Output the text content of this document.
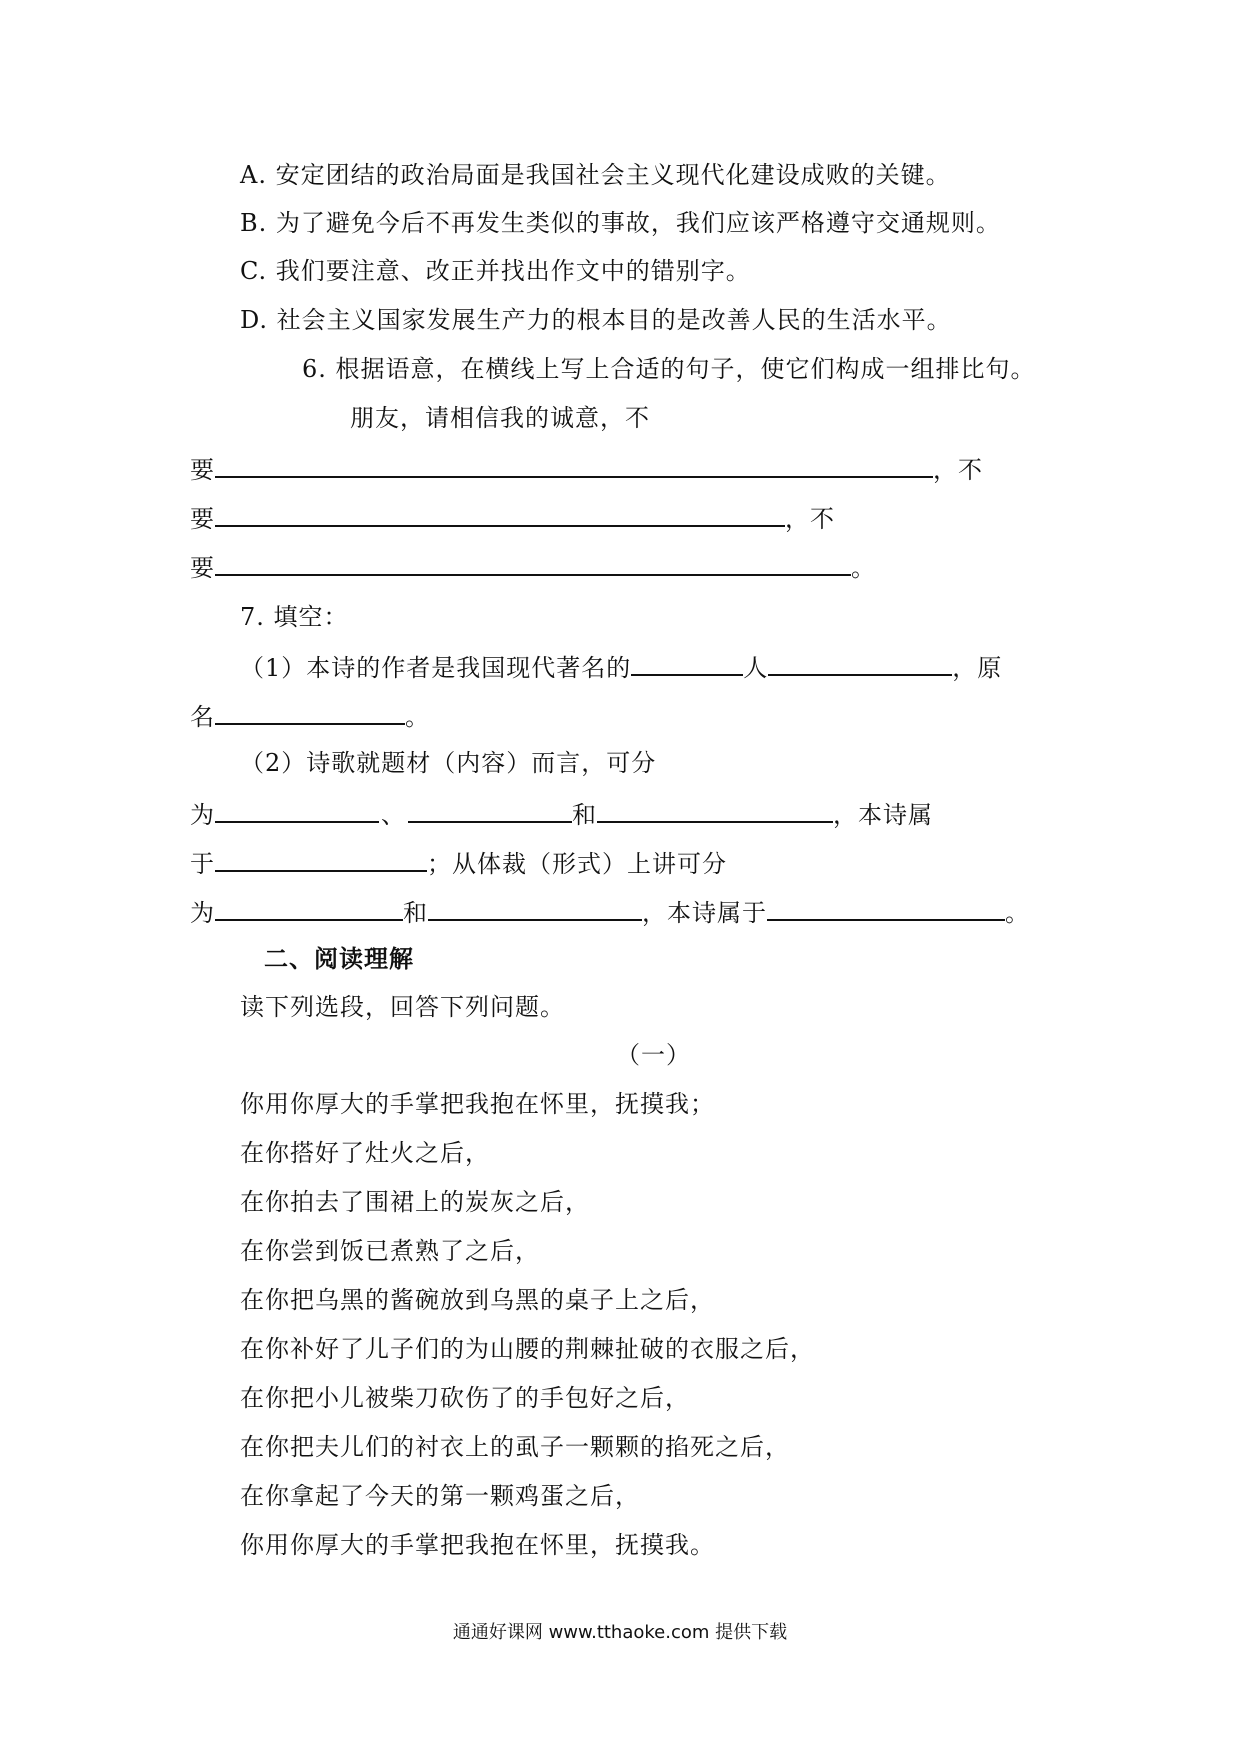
A. 安定团结的政治局面是我国社会主义现代化建设成败的关键。
B. 为了避免今后不再发生类似的事故，我们应该严格遵守交通规则。
C. 我们要注意、改正并找出作文中的错别字。
D. 社会主义国家发展生产力的根本目的是改善人民的生活水平。
6. 根据语意，在横线上写上合适的句子，使它们构成一组排比句。
朋友，请相信我的诚意，不
要	，不
要	，不
要	。
7. 填空：
（1）本诗的作者是我国现代著名的	人	，原
名	。
（2）诗歌就题材（内容）而言，可分
为	、	和	，本诗属
于	；从体裁（形式）上讲可分
为	和	，本诗属于	。
二、阅读理解
读下列选段，回答下列问题。
（一）
你用你厚大的手掌把我抱在怀里，抚摸我；
在你搭好了灶火之后，
在你拍去了围裙上的炭灰之后，
在你尝到饭已煮熟了之后，
在你把乌黑的酱碗放到乌黑的桌子上之后，
在你补好了儿子们的为山腰的荆棘扯破的衣服之后，
在你把小儿被柴刀砍伤了的手包好之后，
在你把夫儿们的衬衣上的虱子一颗颗的掐死之后，
在你拿起了今天的第一颗鸡蛋之后，
你用你厚大的手掌把我抱在怀里，抚摸我。
通通好课网 www.tthaoke.com 提供下载
